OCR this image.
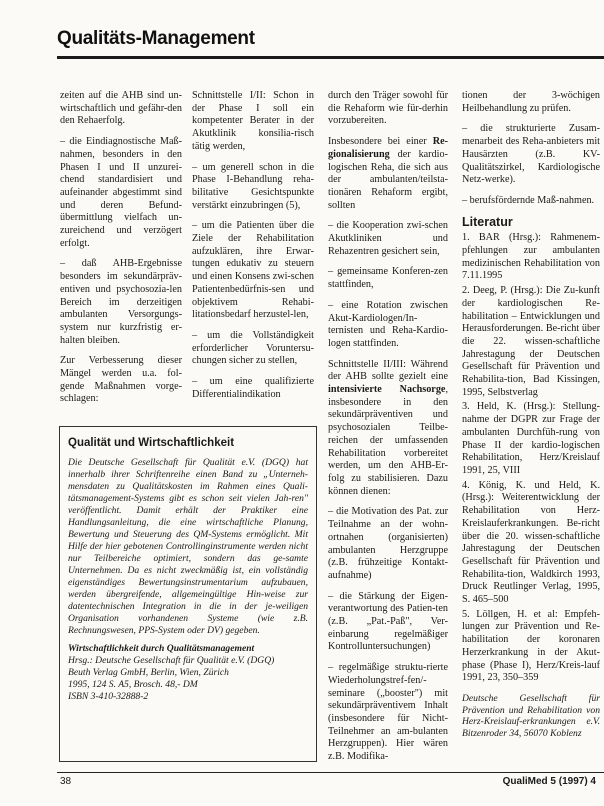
Qualitäts-Management

zeiten auf die AHB sind un-wirtschaftlich und gefähr-den den Rehaerfolg.

– die Eindiagnostische Maß-nahmen, besonders in den Phasen I und II unzurei-chend standardisiert und aufeinander abgestimmt sind und deren Befund-übermittlung vielfach un-zureichend und verzögert erfolgt.

– daß AHB-Ergebnisse besonders im sekundärpräv-entiven und psychosozia-len Bereich im derzeitigen ambulanten Versorgungs-system nur kurzfristig er-halten bleiben.

Zur Verbesserung dieser Mängel werden u.a. fol-gende Maßnahmen vorge-schlagen:

Schnittstelle I/II: Schon in der Phase I soll ein kompetenter Berater in der Akutklinik konsilia-risch tätig werden,

– um generell schon in die Phase I-Behandlung reha-bilitative Gesichtspunkte verstärkt einzubringen (5),

– um die Patienten über die Ziele der Rehabilitation aufzuklären, ihre Erwar-tungen edukativ zu steuern und einen Konsens zwi-schen Patientenbedürfnis-sen und objektivem Rehabi-litationsbedarf herzustel-len,

– um die Vollständigkeit erforderlicher Voruntersu-chungen sicher zu stellen,

– um eine qualifizierte Differentialindikation

durch den Träger sowohl für die Rehaform wie für-derhin vorzubereiten.

Insbesondere bei einer Re-gionalisierung der kardio-logischen Reha, die sich aus der ambulanten/teilsta-tionären Rehaform ergibt, sollten

– die Kooperation zwi-schen Akutkliniken und Rehazentren gesichert sein,

– gemeinsame Konferen-zen stattfinden,

– eine Rotation zwischen Akut-Kardiologen/In-ternisten und Reha-Kardio-logen stattfinden.

Schnittstelle II/III: Während der AHB sollte gezielt eine intensivierte Nachsorge, insbesondere in den sekundärpräventiven und psychosozialen Teilbe-reichen der umfassenden Rehabilitation vorbereitet werden, um den AHB-Er-folg zu stabilisieren. Dazu können dienen:

– die Motivation des Pat. zur Teilnahme an der wohn-ortnahen (organisierten) ambulanten Herzgruppe (z.B. frühzeitige Kontakt-aufnahme)

– die Stärkung der Eigen-verantwortung des Patien-ten (z.B. „Pat.-Paß", Ver-einbarung regelmäßiger Kontrolluntersuchungen)

– regelmäßige struktu-rierte Wiederholungstref-fen/-seminare („booster") mit sekundärpräventivem Inhalt (insbesondere für Nicht-Teilnehmer an am-bulanten Herzgruppen). Hier wären z.B. Modifika-

tionen der 3-wöchigen Heilbehandlung zu prüfen.

– die strukturierte Zusam-menarbeit des Reha-anbieters mit Hausärzten (z.B. KV-Qualitätszirkel, Kardiologische Netz-werke).

– berufsfördernde Maß-nahmen.

Literatur
1. BAR (Hrsg.): Rahmenem-pfehlungen zur ambulanten medizinischen Rehabilitation von 7.11.1995
2. Deeg, P. (Hrsg.): Die Zu-kunft der kardiologischen Re-habilitation – Entwicklungen und Herausforderungen. Be-richt über die 22. wissen-schaftliche Jahrestagung der Deutschen Gesellschaft für Prävention und Rehabilita-tion, Bad Kissingen, 1995, Selbstverlag
3. Held, K. (Hrsg.): Stellung-nahme der DGPR zur Frage der ambulanten Durchfüh-rung von Phase II der kardio-logischen Rehabilitation, Herz/Kreislauf 1991, 25, VIII
4. König, K. und Held, K. (Hrsg.): Weiterentwicklung der Rehabilitation von Herz-Kreislauferkrankungen. Be-richt über die 20. wissen-schaftliche Jahrestagung der Deutschen Gesellschaft für Prävention und Rehabilita-tion, Waldkirch 1993, Druck Reutlinger Verlag, 1995, S. 465–500
5. Löllgen, H. et al: Empfeh-lungen zur Prävention und Re-habilitation der koronaren Herzerkrankung in der Akut-phase (Phase I), Herz/Kreis-lauf 1991, 23, 350–359
Deutsche Gesellschaft für Prävention und Rehabilitation von Herz-Kreislauf-erkrankungen e.V. Bitzenroder 34, 56070 Koblenz
Qualität und Wirtschaftlichkeit

Die Deutsche Gesellschaft für Qualität e.V. (DGQ) hat innerhalb ihrer Schriftenreihe einen Band zu „Unterneh-mensdaten zu Qualitätskosten im Rahmen eines Quali-tätsmanagement-Systems gibt es schon seit vielen Jah-ren" veröffentlicht. Damit erhält der Praktiker eine Handlungsanleitung, die eine wirtschaftliche Planung, Bewertung und Steuerung des QM-Systems ermöglicht. Mit Hilfe der hier gebotenen Controllinginstrumente werden nicht nur Teilbereiche optimiert, sondern das ge-samte Unternehmen. Da es nicht zweckmäßig ist, ein vollständig eigenständiges Bewertungsinstrumentarium aufzubauen, werden übergreifende, allgemeingültige Hin-weise zur datentechnischen Integration in die in der je-weiligen Organisation vorhandenen Systeme (wie z.B. Rechnungswesen, PPS-System oder DV) gegeben.

Wirtschaftlichkeit durch Qualitätsmanagement
Hrsg.: Deutsche Gesellschaft für Qualität e.V. (DGQ)
Beuth Verlag GmbH, Berlin, Wien, Zürich
1995, 124 S. A5, Brosch. 48,- DM
ISBN 3-410-32888-2
38	QualiMed 5 (1997) 4
